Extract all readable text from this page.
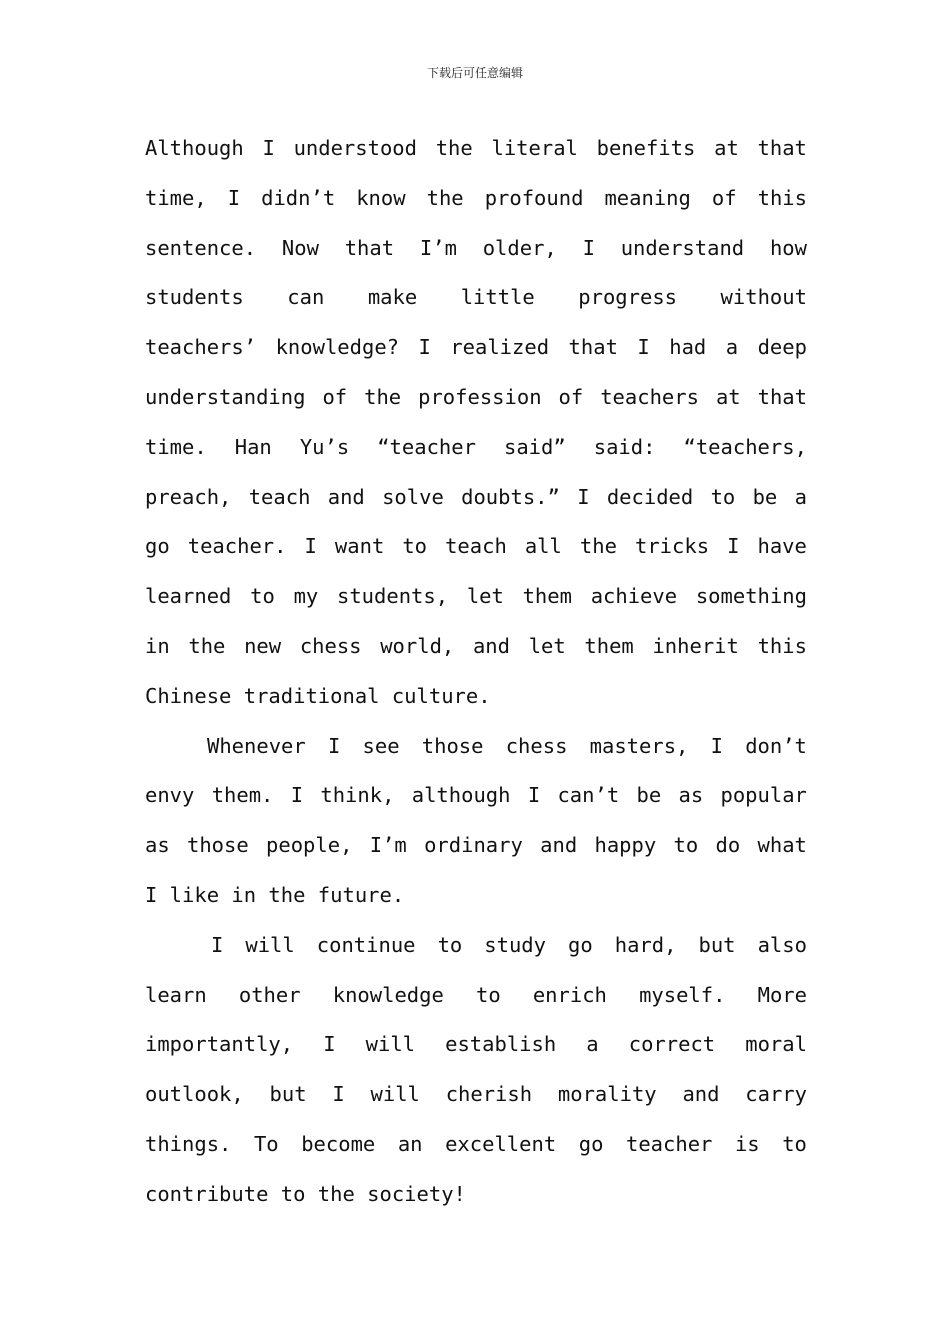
下载后可任意编辑
Although I understood the literal benefits at that
time, I didn’t know the profound meaning of this
sentence. Now that I’m older, I understand how
students can make little progress without
teachers’ knowledge? I realized that I had a deep
understanding of the profession of teachers at that
time. Han Yu’s “teacher said” said: “teachers,
preach, teach and solve doubts.” I decided to be a
go teacher. I want to teach all the tricks I have
learned to my students, let them achieve something
in the new chess world, and let them inherit this
Chinese traditional culture.
Whenever I see those chess masters, I don’t
envy them. I think, although I can’t be as popular
as those people, I’m ordinary and happy to do what
I like in the future.
I will continue to study go hard, but also
learn other knowledge to enrich myself. More
importantly, I will establish a correct moral
outlook, but I will cherish morality and carry
things. To become an excellent go teacher is to
contribute to the society!
